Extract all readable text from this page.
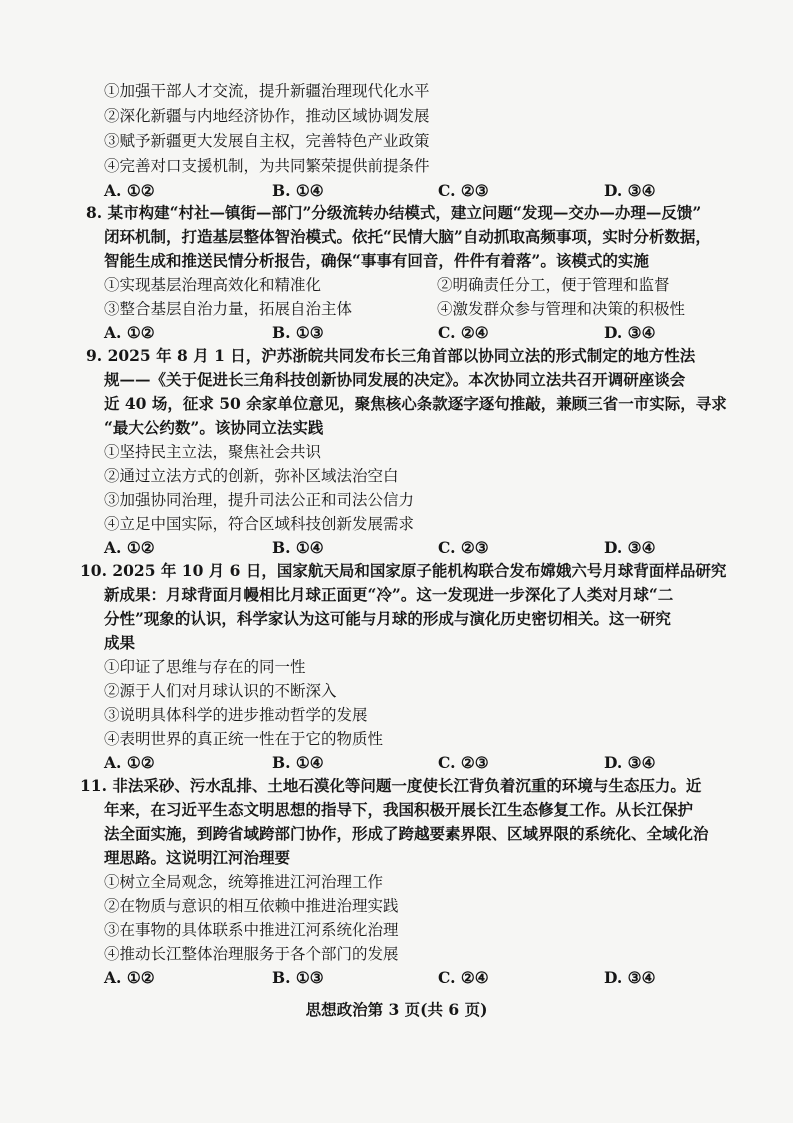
①加强干部人才交流，提升新疆治理现代化水平
②深化新疆与内地经济协作，推动区域协调发展
③赋予新疆更大发展自主权，完善特色产业政策
④完善对口支援机制，为共同繁荣提供前提条件
A. ①②	B. ①④	C. ②③	D. ③④
8. 某市构建“村社—镇街—部门”分级流转办结模式，建立问题“发现—交办—办理—反馈”
闭环机制，打造基层整体智治模式。依托“民情大脑”自动抓取高频事项，实时分析数据，
智能生成和推送民情分析报告，确保“事事有回音，件件有着落”。该模式的实施
①实现基层治理高效化和精准化	②明确责任分工，便于管理和监督
③整合基层自治力量，拓展自治主体	④激发群众参与管理和决策的积极性
A. ①②	B. ①③	C. ②④	D. ③④
9. 2025 年 8 月 1 日，沪苏浙皖共同发布长三角首部以协同立法的形式制定的地方性法
规——《关于促进长三角科技创新协同发展的决定》。本次协同立法共召开调研座谈会
近 40 场，征求 50 余家单位意见，聚焦核心条款逐字逐句推敲，兼顾三省一市实际，寻求
“最大公约数”。该协同立法实践
①坚持民主立法，聚焦社会共识
②通过立法方式的创新，弥补区域法治空白
③加强协同治理，提升司法公正和司法公信力
④立足中国实际，符合区域科技创新发展需求
A. ①②	B. ①④	C. ②③	D. ③④
10. 2025 年 10 月 6 日，国家航天局和国家原子能机构联合发布嫦娥六号月球背面样品研究
新成果：月球背面月幔相比月球正面更“冷”。这一发现进一步深化了人类对月球“二
分性”现象的认识，科学家认为这可能与月球的形成与演化历史密切相关。这一研究
成果
①印证了思维与存在的同一性
②源于人们对月球认识的不断深入
③说明具体科学的进步推动哲学的发展
④表明世界的真正统一性在于它的物质性
A. ①②	B. ①④	C. ②③	D. ③④
11. 非法采砂、污水乱排、土地石漠化等问题一度使长江背负着沉重的环境与生态压力。近
年来，在习近平生态文明思想的指导下，我国积极开展长江生态修复工作。从长江保护
法全面实施，到跨省域跨部门协作，形成了跨越要素界限、区域界限的系统化、全域化治
理思路。这说明江河治理要
①树立全局观念，统筹推进江河治理工作
②在物质与意识的相互依赖中推进治理实践
③在事物的具体联系中推进江河系统化治理
④推动长江整体治理服务于各个部门的发展
A. ①②	B. ①③	C. ②④	D. ③④
思想政治第 3 页(共 6 页)
